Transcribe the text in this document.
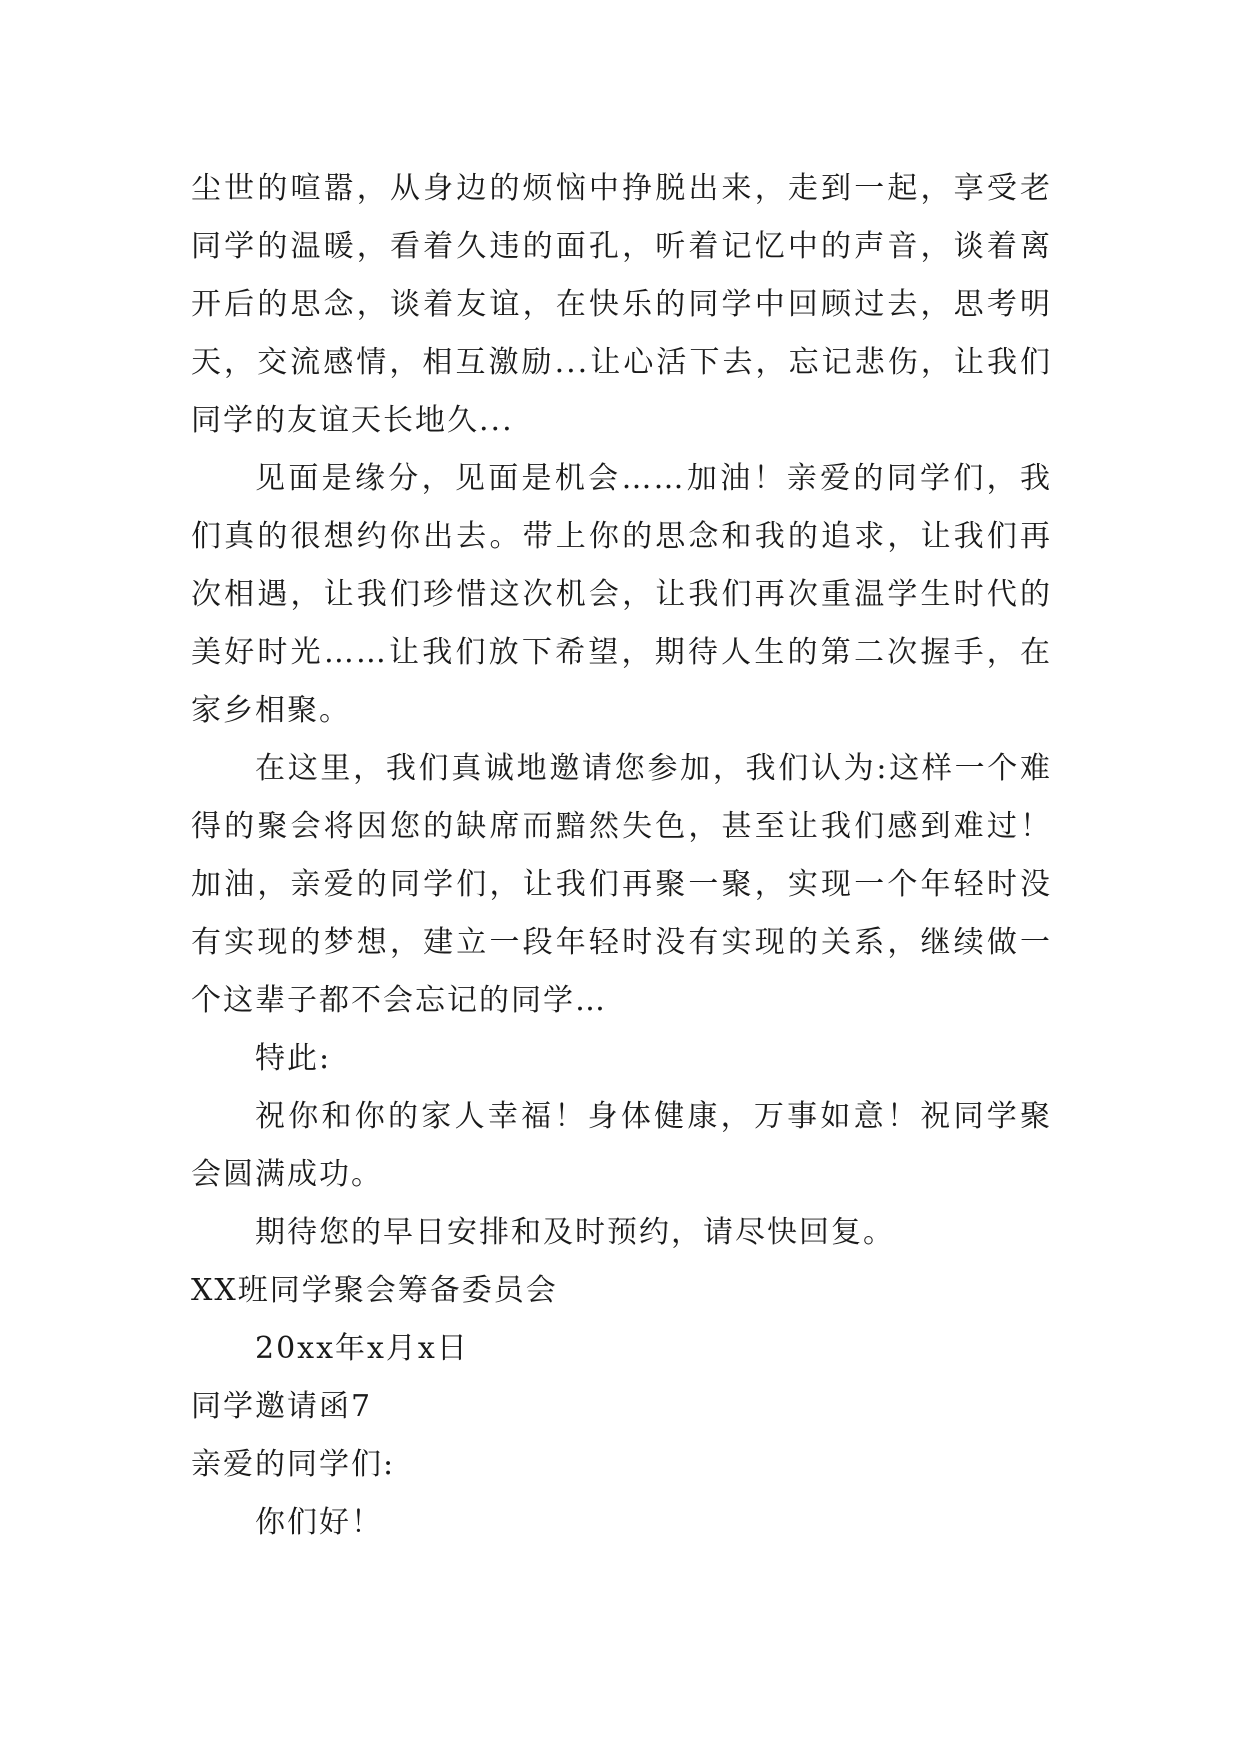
尘世的喧嚣，从身边的烦恼中挣脱出来，走到一起，享受老同学的温暖，看着久违的面孔，听着记忆中的声音，谈着离开后的思念，谈着友谊，在快乐的同学中回顾过去，思考明天，交流感情，相互激励...让心活下去，忘记悲伤，让我们同学的友谊天长地久...

见面是缘分，见面是机会……加油！亲爱的同学们，我们真的很想约你出去。带上你的思念和我的追求，让我们再次相遇，让我们珍惜这次机会，让我们再次重温学生时代的美好时光……让我们放下希望，期待人生的第二次握手，在家乡相聚。

在这里，我们真诚地邀请您参加，我们认为:这样一个难得的聚会将因您的缺席而黯然失色，甚至让我们感到难过！加油，亲爱的同学们，让我们再聚一聚，实现一个年轻时没有实现的梦想，建立一段年轻时没有实现的关系，继续做一个这辈子都不会忘记的同学…

特此:

祝你和你的家人幸福！身体健康，万事如意！祝同学聚会圆满成功。

期待您的早日安排和及时预约，请尽快回复。

XX班同学聚会筹备委员会

20xx年x月x日

同学邀请函7

亲爱的同学们:

你们好！
